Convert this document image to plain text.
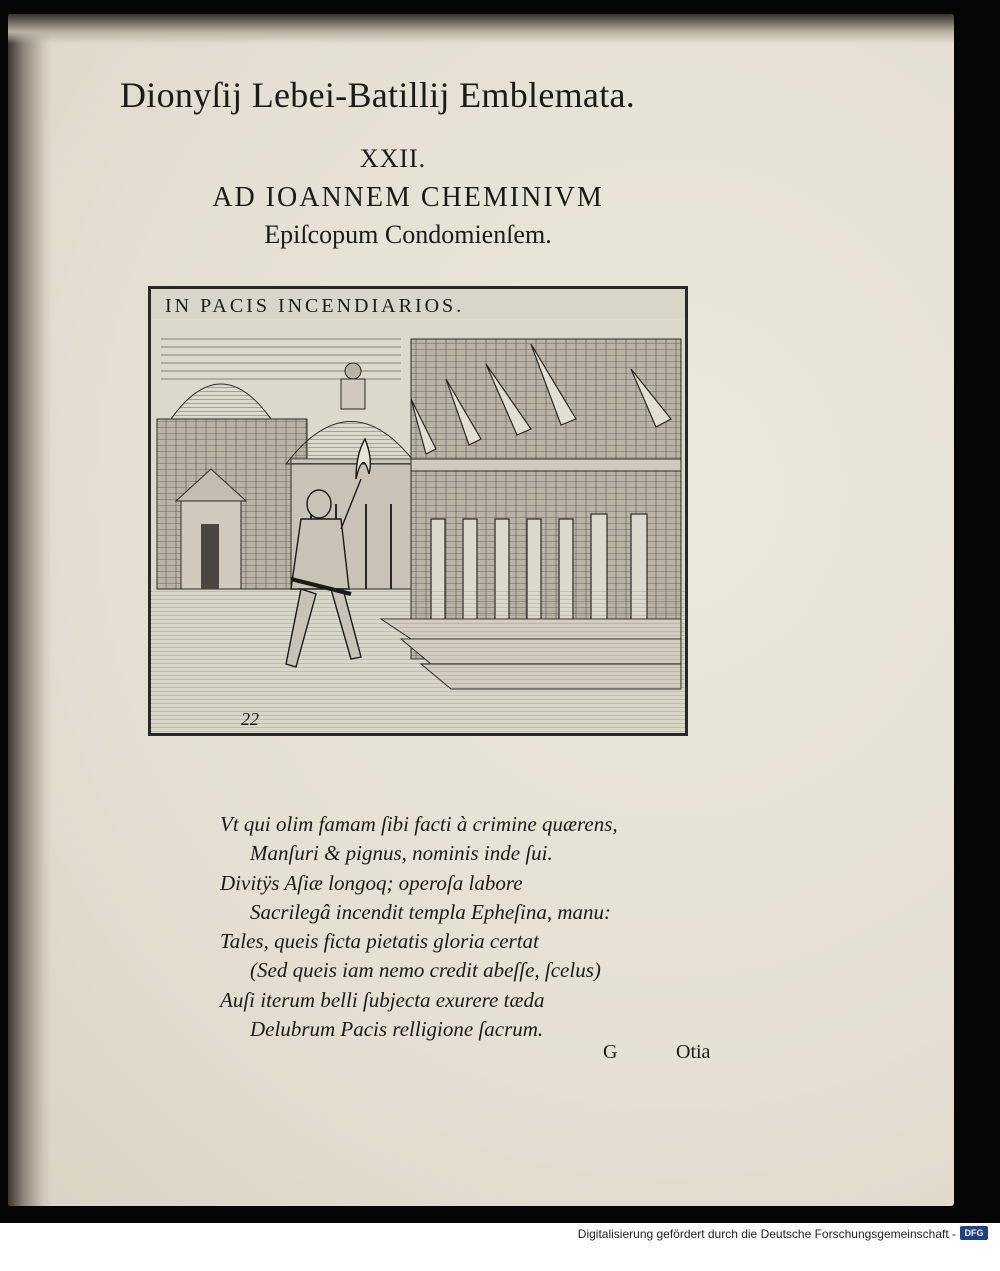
Dionyſij Lebei-Batillij Emblemata.
XXII.
AD IOANNEM CHEMINIVM
Epiſcopum Condomienſem.
IN PACIS INCENDIARIOS.
22
Vt qui olim famam ſibi facti à crimine quærens,
Manſuri & pignus, nominis inde ſui.
Divitÿs Aſiæ longoq; operoſa labore
Sacrilegâ incendit templa Epheſina, manu:
Tales, queis ficta pietatis gloria certat
(Sed queis iam nemo credit abeſſe, ſcelus)
Auſi iterum belli ſubjecta exurere tæda
Delubrum Pacis relligione ſacrum.
G	Otia
Digitalisierung gefördert durch die Deutsche Forschungsgemeinschaft - DFG
